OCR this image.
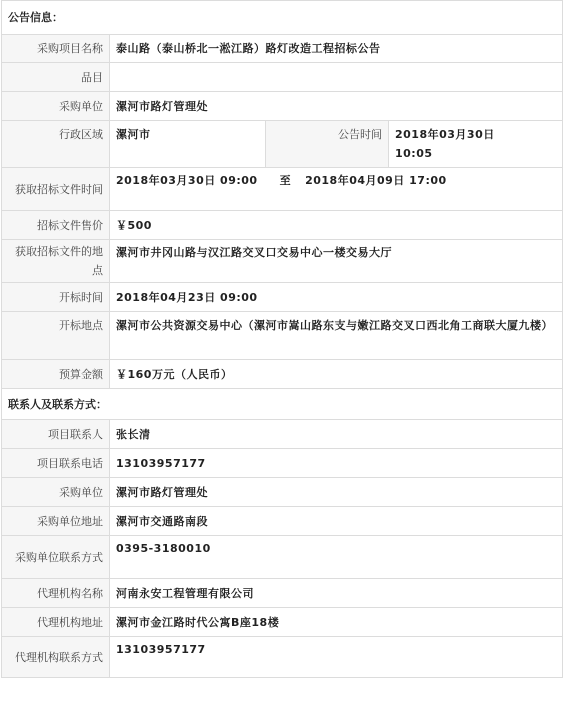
公告信息：			
采购项目名称	泰山路（泰山桥北一淞江路）路灯改造工程招标公告		
品目			
采购单位	漯河市路灯管理处		
行政区域	漯河市	公告时间	2018年03月30日 10:05
获取招标文件时间	2018年03月30日 09:00 至 2018年04月09日 17:00		
招标文件售价	￥500		
获取招标文件的地点	漯河市井冈山路与汉江路交叉口交易中心一楼交易大厅		
开标时间	2018年04月23日 09:00		
开标地点	漯河市公共资源交易中心（漯河市嵩山路东支与嫩江路交叉口西北角工商联大厦九楼）		
预算金额	￥160万元（人民币）		
联系人及联系方式：			
项目联系人	张长清		
项目联系电话	13103957177		
采购单位	漯河市路灯管理处		
采购单位地址	漯河市交通路南段		
采购单位联系方式	0395-3180010		
代理机构名称	河南永安工程管理有限公司		
代理机构地址	漯河市金江路时代公寓B座18楼		
代理机构联系方式	13103957177		
